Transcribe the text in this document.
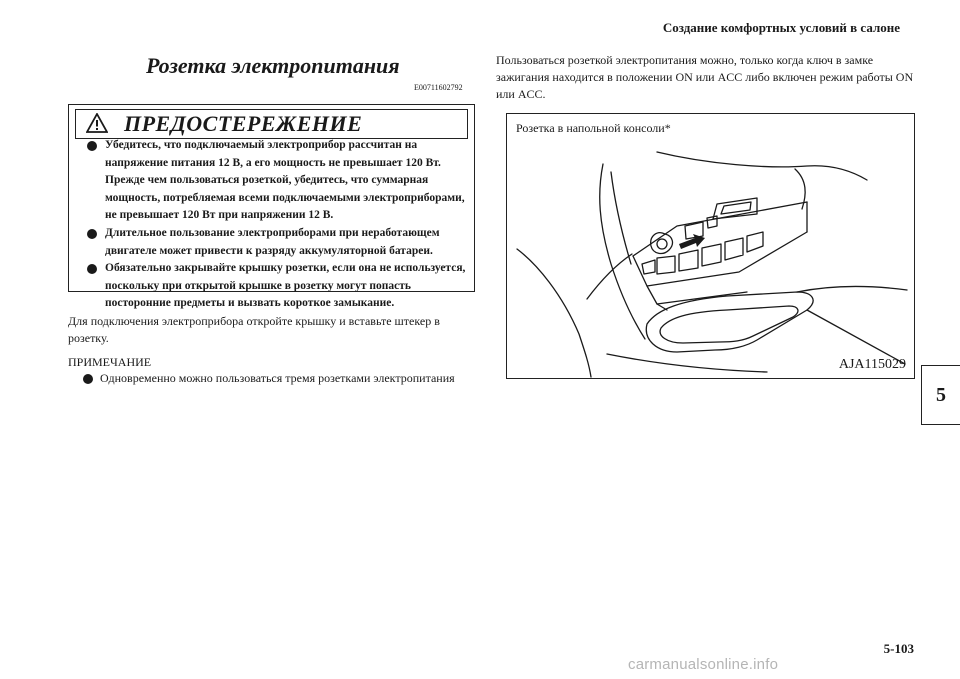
Создание комфортных условий в салоне
5
5-103
Розетка электропитания
E00711602792
ПРЕДОСТЕРЕЖЕНИЕ
Убедитесь, что подключаемый электроприбор рассчитан на напряжение питания 12 В, а его мощность не превышает 120 Вт. Прежде чем пользоваться розеткой, убедитесь, что суммарная мощность, потребляемая всеми подключаемыми электроприборами, не превышает 120 Вт при напряжении 12 В.
Длительное пользование электроприборами при неработающем двигателе может привести к разряду аккумуляторной батареи.
Обязательно закрывайте крышку розетки, если она не используется, поскольку при открытой крышке в розетку могут попасть посторонние предметы и вызвать короткое замыкание.
Для подключения электроприбора откройте крышку и вставьте штекер в розетку.
ПРИМЕЧАНИЕ
Одновременно можно пользоваться тремя розетками электропитания
Пользоваться розеткой электропитания можно, только когда ключ в замке зажигания находится в положении ON или ACC либо включен режим работы ON или ACC.
Розетка в напольной консоли*
AJA115029
carmanualsonline.info
